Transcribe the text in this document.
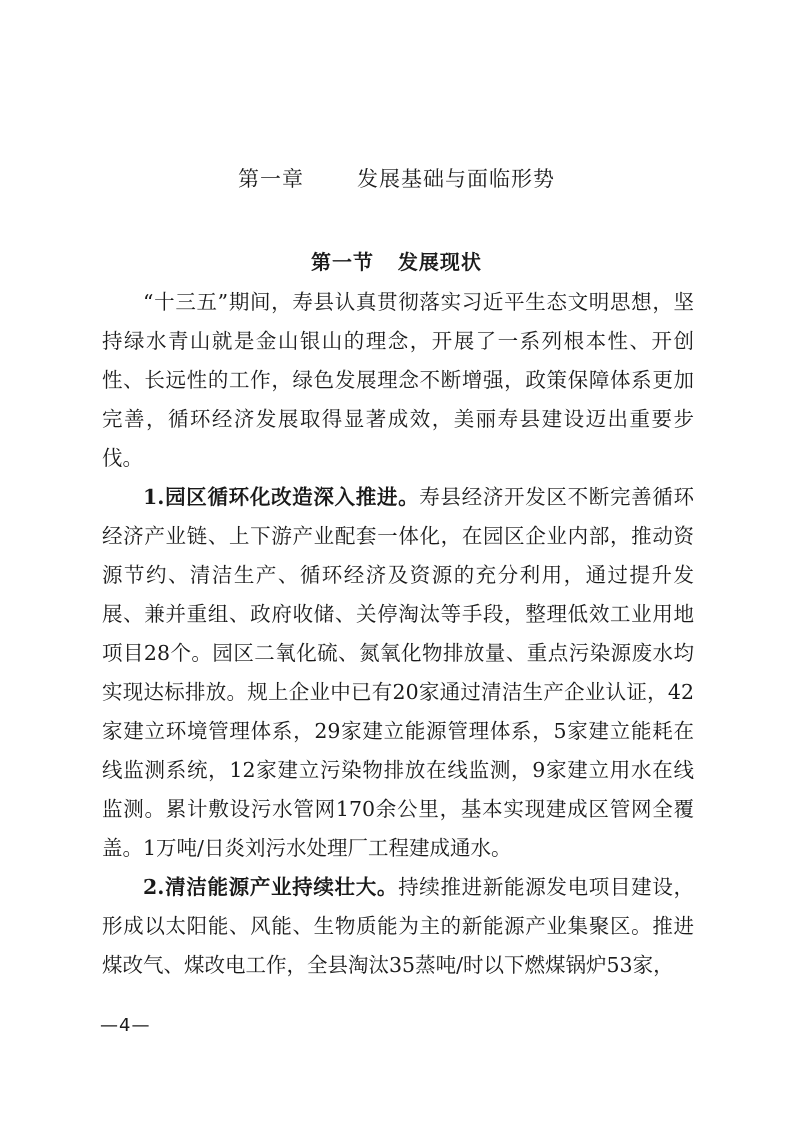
第一章   发展基础与面临形势
第一节   发展现状

“十三五”期间，寿县认真贯彻落实习近平生态文明思想，坚持绿水青山就是金山银山的理念，开展了一系列根本性、开创性、长远性的工作，绿色发展理念不断增强，政策保障体系更加完善，循环经济发展取得显著成效，美丽寿县建设迈出重要步伐。

1.园区循环化改造深入推进。寿县经济开发区不断完善循环经济产业链、上下游产业配套一体化，在园区企业内部，推动资源节约、清洁生产、循环经济及资源的充分利用，通过提升发展、兼并重组、政府收储、关停淘汰等手段，整理低效工业用地项目28个。园区二氧化硫、氮氧化物排放量、重点污染源废水均实现达标排放。规上企业中已有20家通过清洁生产企业认证，42家建立环境管理体系，29家建立能源管理体系，5家建立能耗在线监测系统，12家建立污染物排放在线监测，9家建立用水在线监测。累计敷设污水管网170余公里，基本实现建成区管网全覆盖。1万吨/日炎刘污水处理厂工程建成通水。

2.清洁能源产业持续壮大。持续推进新能源发电项目建设，形成以太阳能、风能、生物质能为主的新能源产业集聚区。推进煤改气、煤改电工作，全县淘汰35蒸吨/时以下燃煤锅炉53家，

—4—
